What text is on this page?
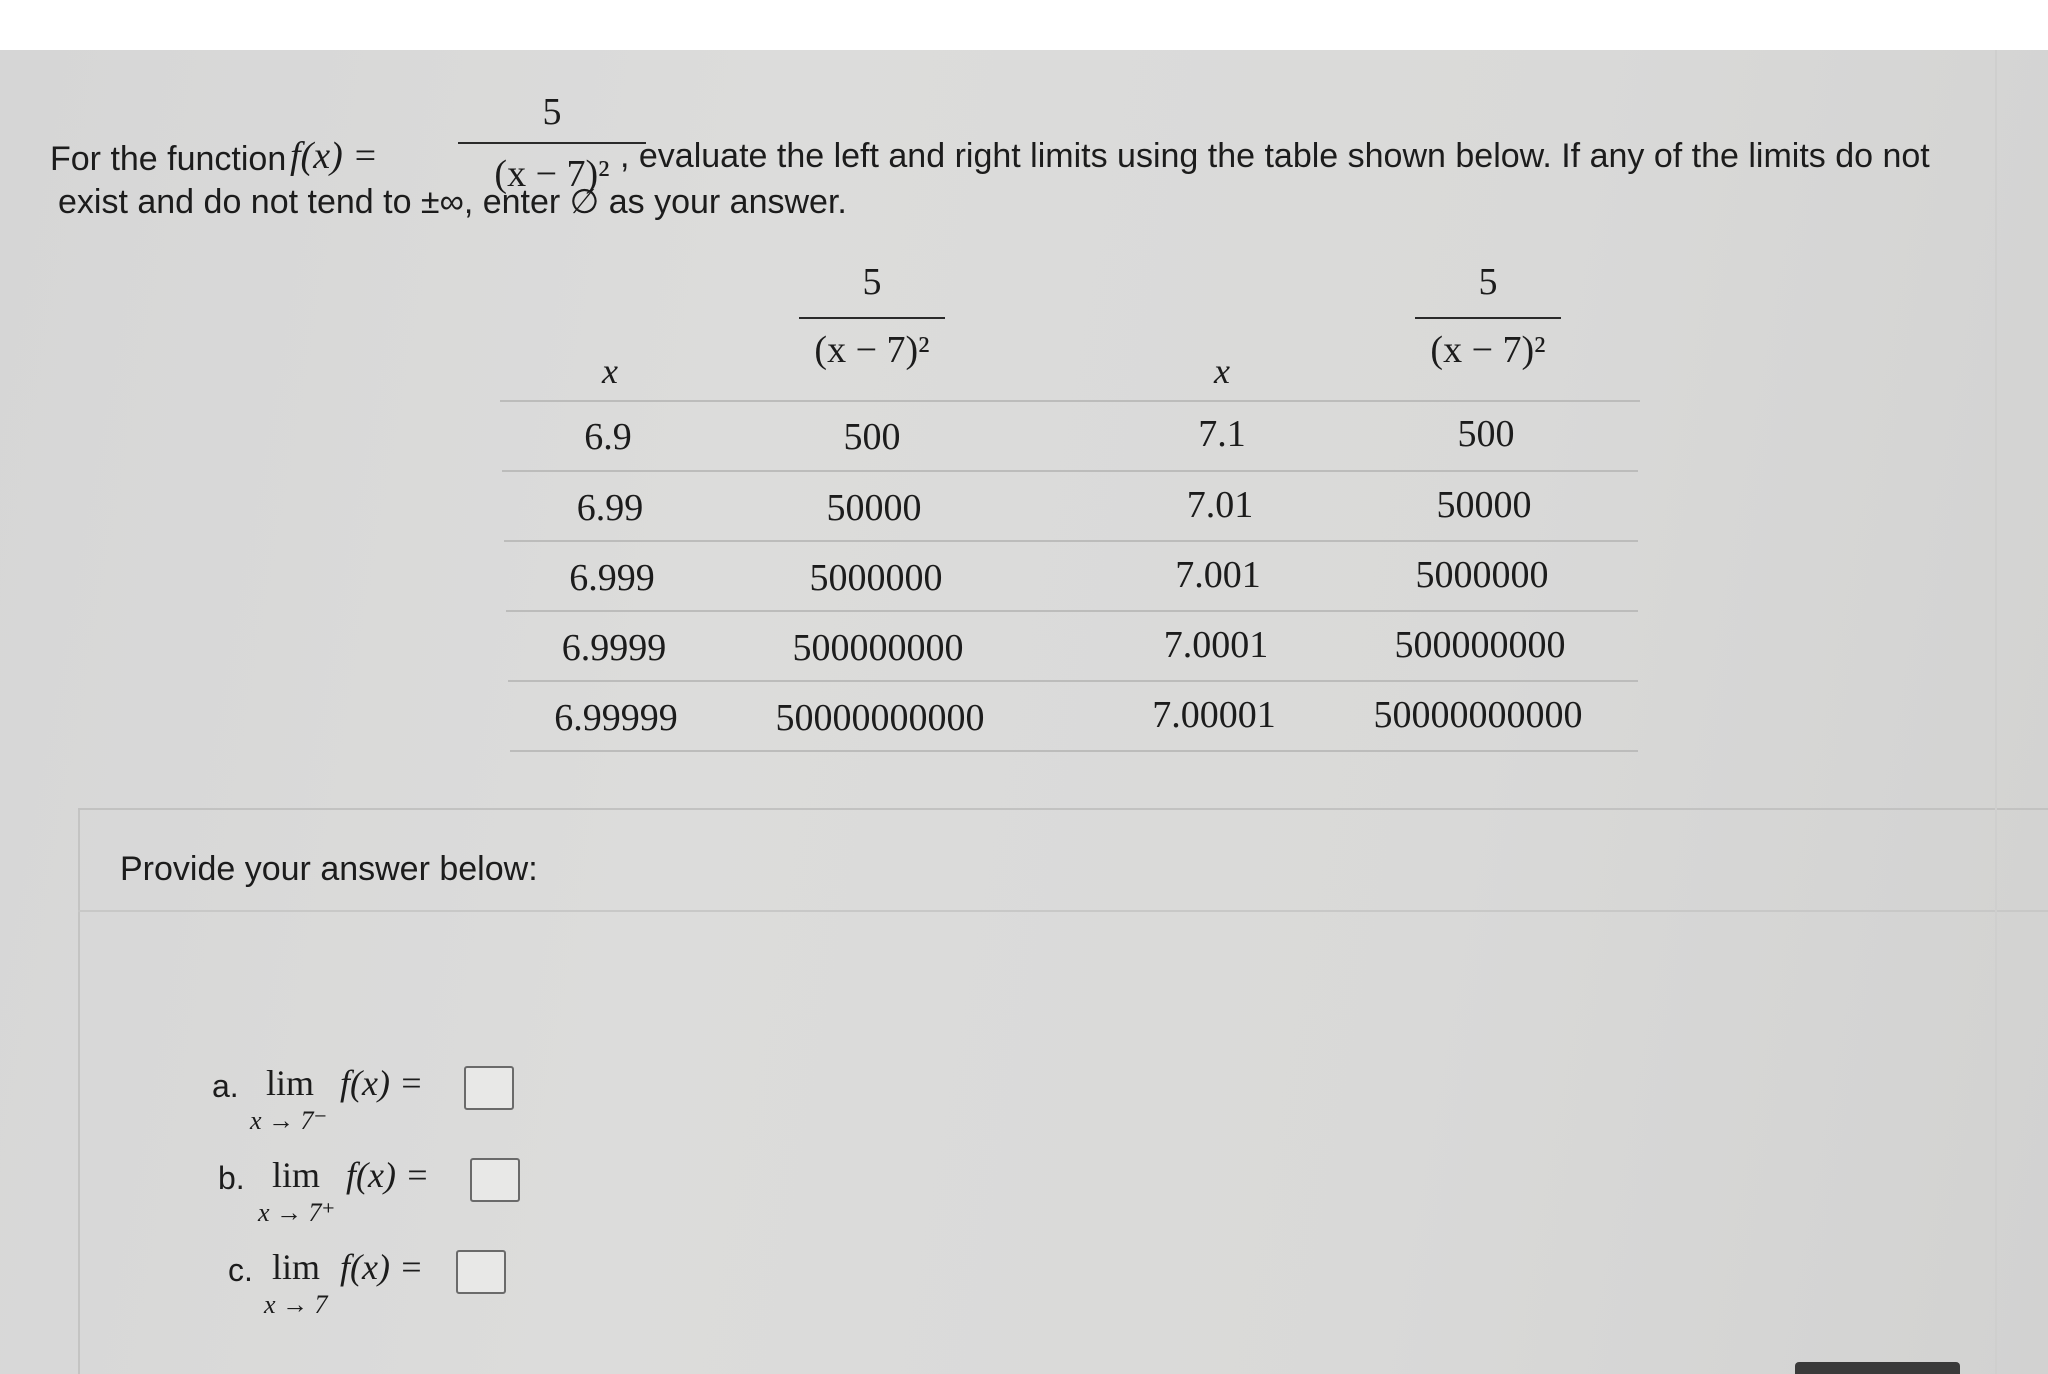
For the function f(x) =
5
(x − 7)² , evaluate the left and right limits using the table shown below. If any of the limits do not
exist and do not tend to ±∞, enter ∅ as your answer.
x
5
(x − 7)²	x
5
(x − 7)²
6.9	500	7.1	500
6.99	50000	7.01	50000
6.999	5000000	7.001	5000000
6.9999	500000000	7.0001	500000000
6.99999	50000000000	7.00001	50000000000
Provide your answer below:
a. lim f(x) =
x → 7⁻
b. lim f(x) =
x → 7⁺
c. lim f(x) =
x → 7
